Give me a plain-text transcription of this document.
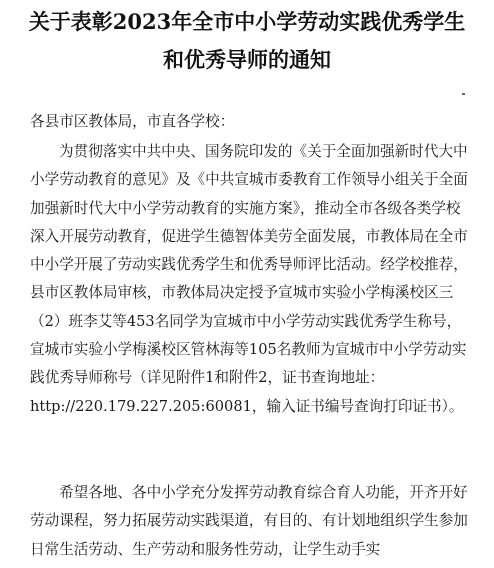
关于表彰2023年全市中小学劳动实践优秀学生
和优秀导师的通知
各县市区教体局，市直各学校：
为贯彻落实中共中央、国务院印发的《关于全面加强新时代大中小学劳动教育的意见》及《中共宣城市委教育工作领导小组关于全面加强新时代大中小学劳动教育的实施方案》，推动全市各级各类学校深入开展劳动教育，促进学生德智体美劳全面发展，市教体局在全市中小学开展了劳动实践优秀学生和优秀导师评比活动。经学校推荐，县市区教体局审核，市教体局决定授予宣城市实验小学梅溪校区三（2）班李艾等453名同学为宣城市中小学劳动实践优秀学生称号，宣城市实验小学梅溪校区管林海等105名教师为宣城市中小学劳动实践优秀导师称号（详见附件1和附件2，证书查询地址：http://220.179.227.205:60081，输入证书编号查询打印证书）。
希望各地、各中小学充分发挥劳动教育综合育人功能，开齐开好劳动课程，努力拓展劳动实践渠道，有目的、有计划地组织学生参加日常生活劳动、生产劳动和服务性劳动，让学生动手实
